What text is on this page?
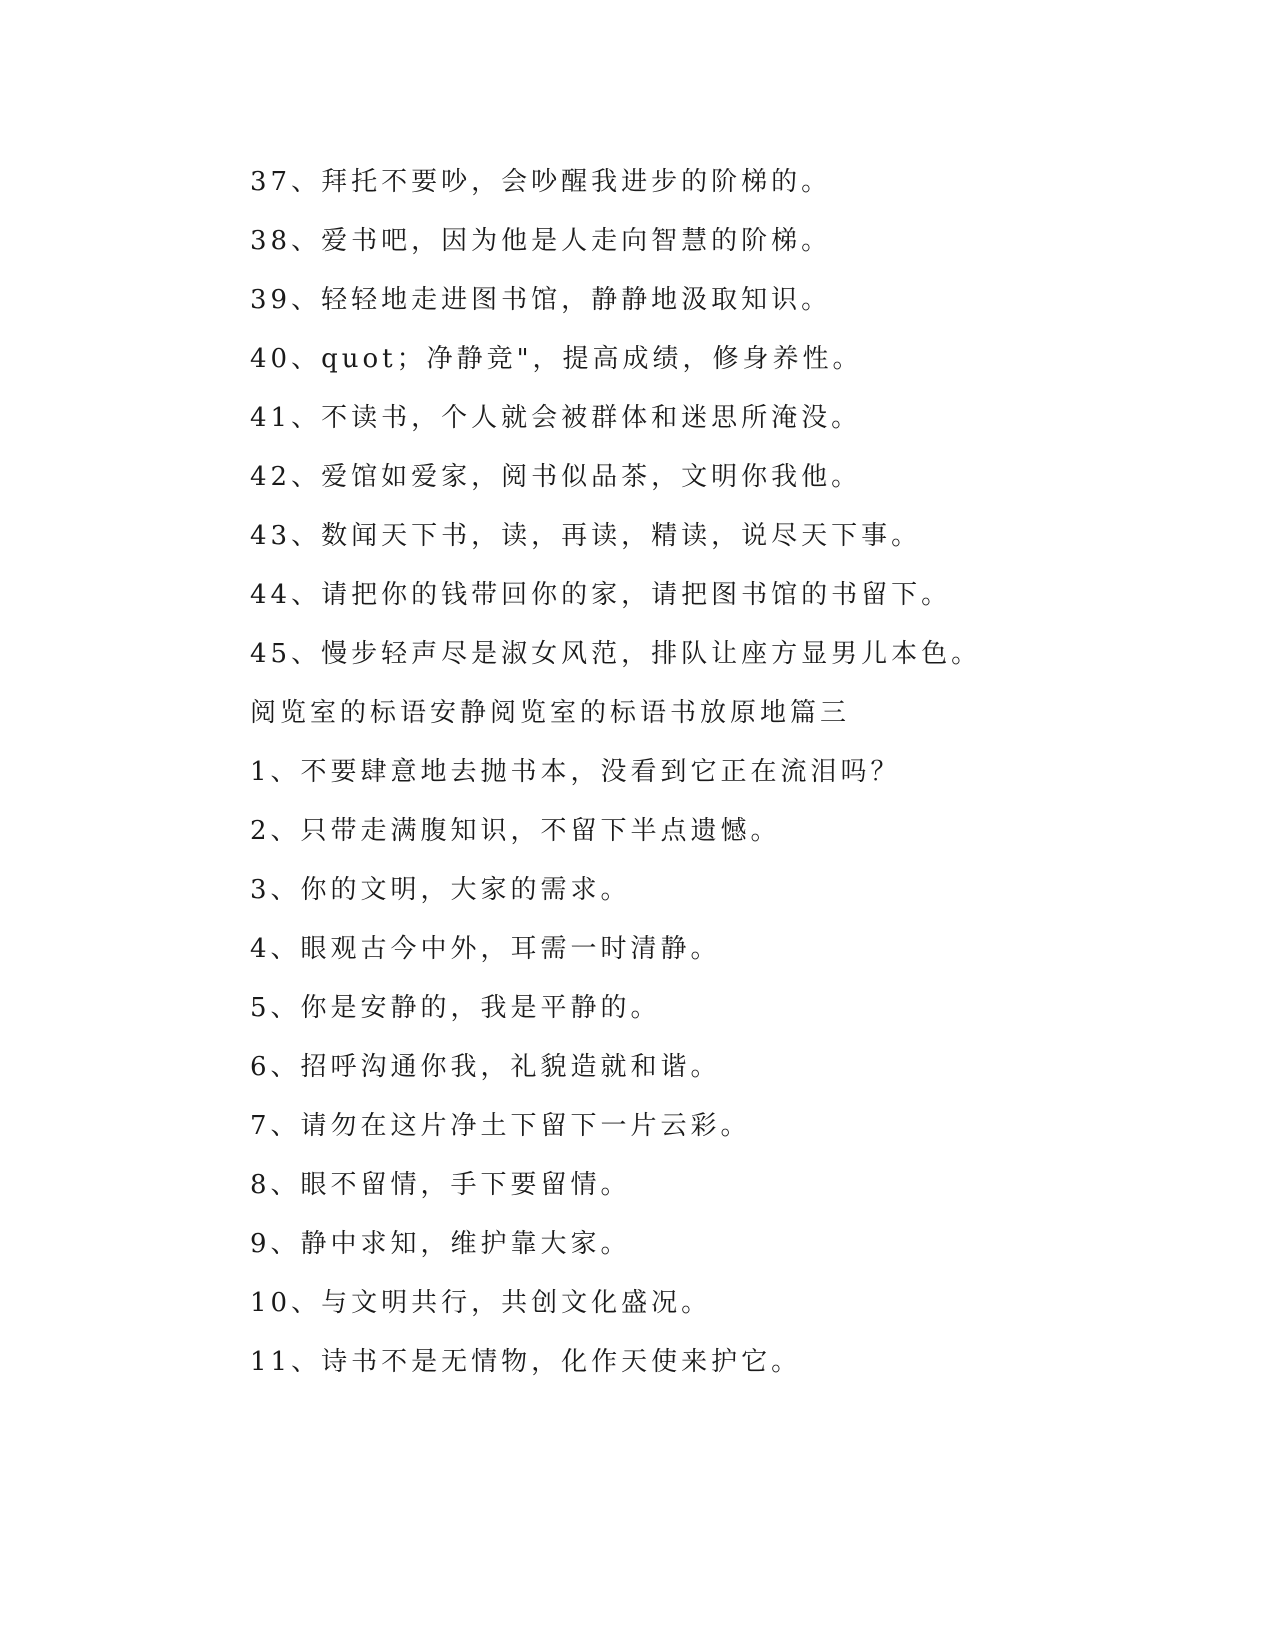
37、拜托不要吵，会吵醒我进步的阶梯的。
38、爱书吧，因为他是人走向智慧的阶梯。
39、轻轻地走进图书馆，静静地汲取知识。
40、quot；净静竞"，提高成绩，修身养性。
41、不读书，个人就会被群体和迷思所淹没。
42、爱馆如爱家，阅书似品茶，文明你我他。
43、数闻天下书，读，再读，精读，说尽天下事。
44、请把你的钱带回你的家，请把图书馆的书留下。
45、慢步轻声尽是淑女风范，排队让座方显男儿本色。
阅览室的标语安静阅览室的标语书放原地篇三
1、不要肆意地去抛书本，没看到它正在流泪吗？
2、只带走满腹知识，不留下半点遗憾。
3、你的文明，大家的需求。
4、眼观古今中外，耳需一时清静。
5、你是安静的，我是平静的。
6、招呼沟通你我，礼貌造就和谐。
7、请勿在这片净土下留下一片云彩。
8、眼不留情，手下要留情。
9、静中求知，维护靠大家。
10、与文明共行，共创文化盛况。
11、诗书不是无情物，化作天使来护它。
